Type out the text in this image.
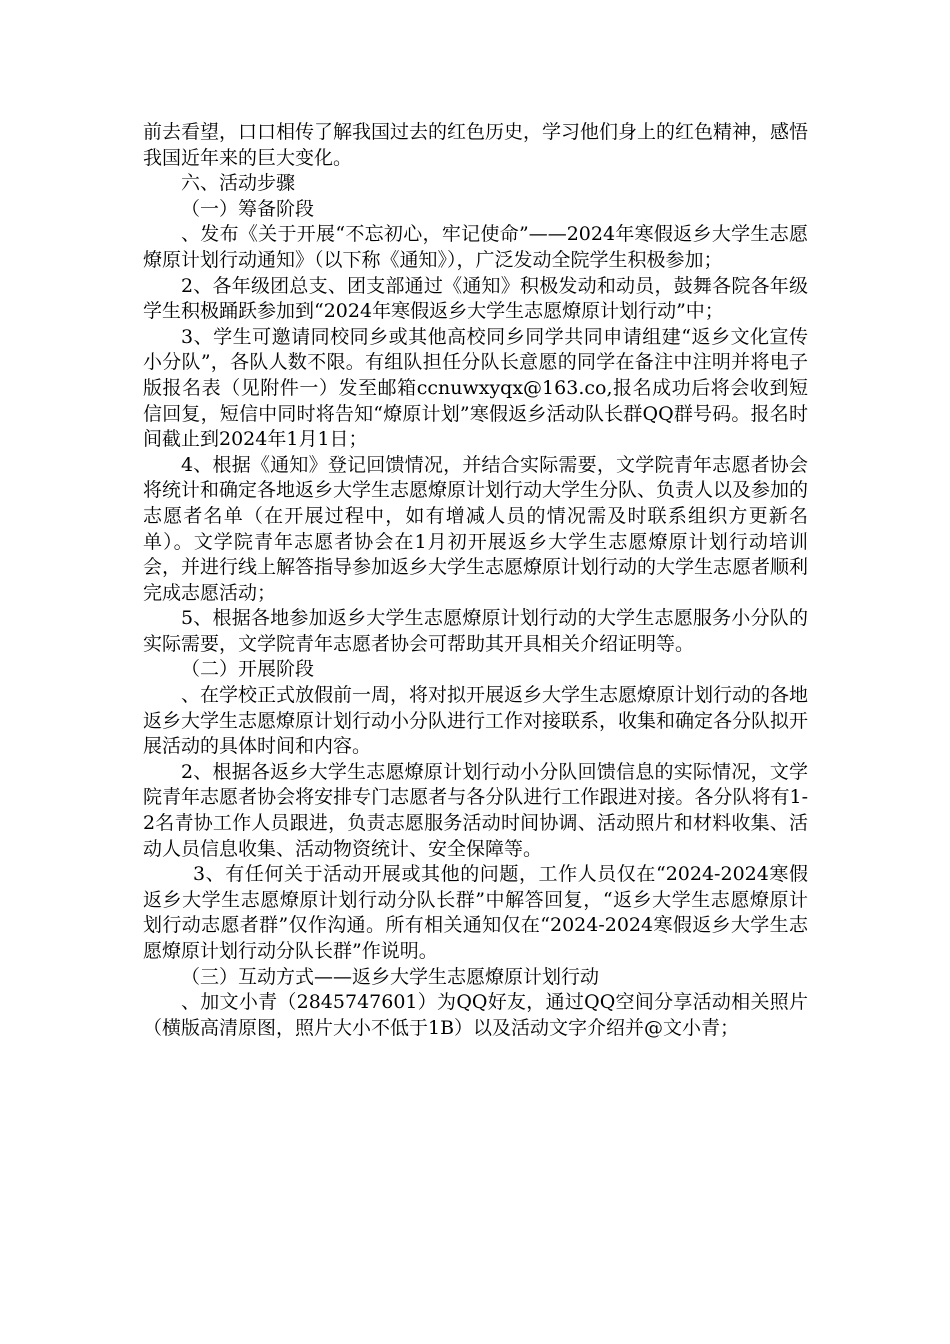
前去看望，口口相传了解我国过去的红色历史，学习他们身上的红色精神，感悟我国近年来的巨大变化。

六、活动步骤

（一）筹备阶段

、发布《关于开展“不忘初心，牢记使命”——2024年寒假返乡大学生志愿燎原计划行动通知》（以下称《通知》），广泛发动全院学生积极参加；

2、各年级团总支、团支部通过《通知》积极发动和动员，鼓舞各院各年级学生积极踊跃参加到“2024年寒假返乡大学生志愿燎原计划行动”中；

3、学生可邀请同校同乡或其他高校同乡同学共同申请组建“返乡文化宣传小分队”，各队人数不限。有组队担任分队长意愿的同学在备注中注明并将电子版报名表（见附件一）发至邮箱ccnuwxyqx@163.co,报名成功后将会收到短信回复，短信中同时将告知“燎原计划”寒假返乡活动队长群QQ群号码。报名时间截止到2024年1月1日；

4、根据《通知》登记回馈情况，并结合实际需要，文学院青年志愿者协会将统计和确定各地返乡大学生志愿燎原计划行动大学生分队、负责人以及参加的志愿者名单（在开展过程中，如有增减人员的情况需及时联系组织方更新名单）。文学院青年志愿者协会在1月初开展返乡大学生志愿燎原计划行动培训会，并进行线上解答指导参加返乡大学生志愿燎原计划行动的大学生志愿者顺利完成志愿活动；

5、根据各地参加返乡大学生志愿燎原计划行动的大学生志愿服务小分队的实际需要，文学院青年志愿者协会可帮助其开具相关介绍证明等。

（二）开展阶段

、在学校正式放假前一周，将对拟开展返乡大学生志愿燎原计划行动的各地返乡大学生志愿燎原计划行动小分队进行工作对接联系，收集和确定各分队拟开展活动的具体时间和内容。

2、根据各返乡大学生志愿燎原计划行动小分队回馈信息的实际情况，文学院青年志愿者协会将安排专门志愿者与各分队进行工作跟进对接。各分队将有1-2名青协工作人员跟进，负责志愿服务活动时间协调、活动照片和材料收集、活动人员信息收集、活动物资统计、安全保障等。

3、有任何关于活动开展或其他的问题，工作人员仅在“2024-2024寒假返乡大学生志愿燎原计划行动分队长群”中解答回复，“返乡大学生志愿燎原计划行动志愿者群”仅作沟通。所有相关通知仅在“2024-2024寒假返乡大学生志愿燎原计划行动分队长群”作说明。

（三）互动方式——返乡大学生志愿燎原计划行动

、加文小青（2845747601）为QQ好友，通过QQ空间分享活动相关照片（横版高清原图，照片大小不低于1B）以及活动文字介绍并@文小青；
